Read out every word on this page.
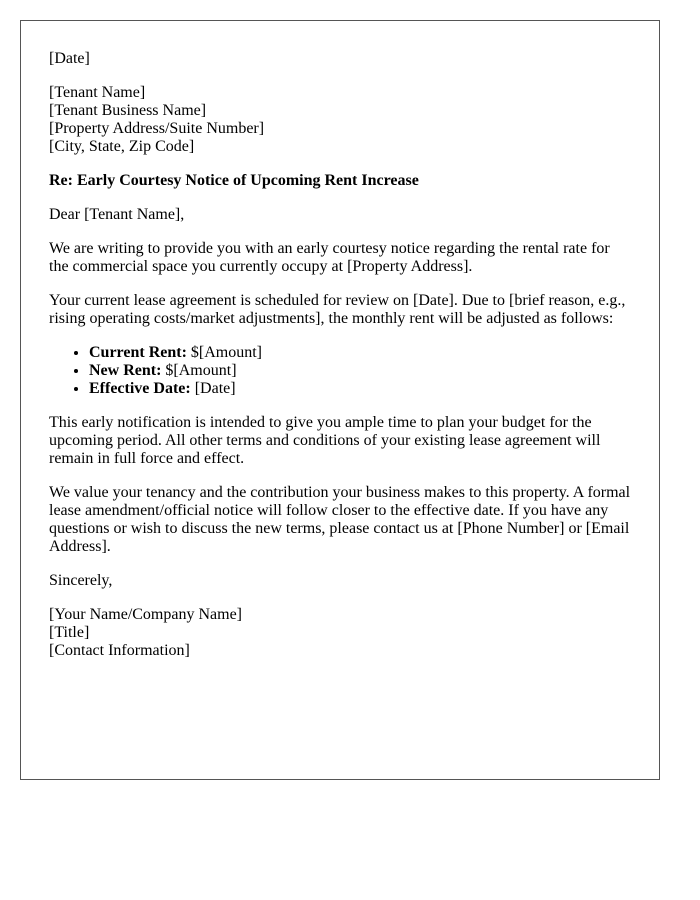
[Date]

[Tenant Name]
[Tenant Business Name]
[Property Address/Suite Number]
[City, State, Zip Code]

Re: Early Courtesy Notice of Upcoming Rent Increase

Dear [Tenant Name],

We are writing to provide you with an early courtesy notice regarding the rental rate for the commercial space you currently occupy at [Property Address].

Your current lease agreement is scheduled for review on [Date]. Due to [brief reason, e.g., rising operating costs/market adjustments], the monthly rent will be adjusted as follows:

• Current Rent: $[Amount]
• New Rent: $[Amount]
• Effective Date: [Date]

This early notification is intended to give you ample time to plan your budget for the upcoming period. All other terms and conditions of your existing lease agreement will remain in full force and effect.

We value your tenancy and the contribution your business makes to this property. A formal lease amendment/official notice will follow closer to the effective date. If you have any questions or wish to discuss the new terms, please contact us at [Phone Number] or [Email Address].

Sincerely,

[Your Name/Company Name]
[Title]
[Contact Information]
